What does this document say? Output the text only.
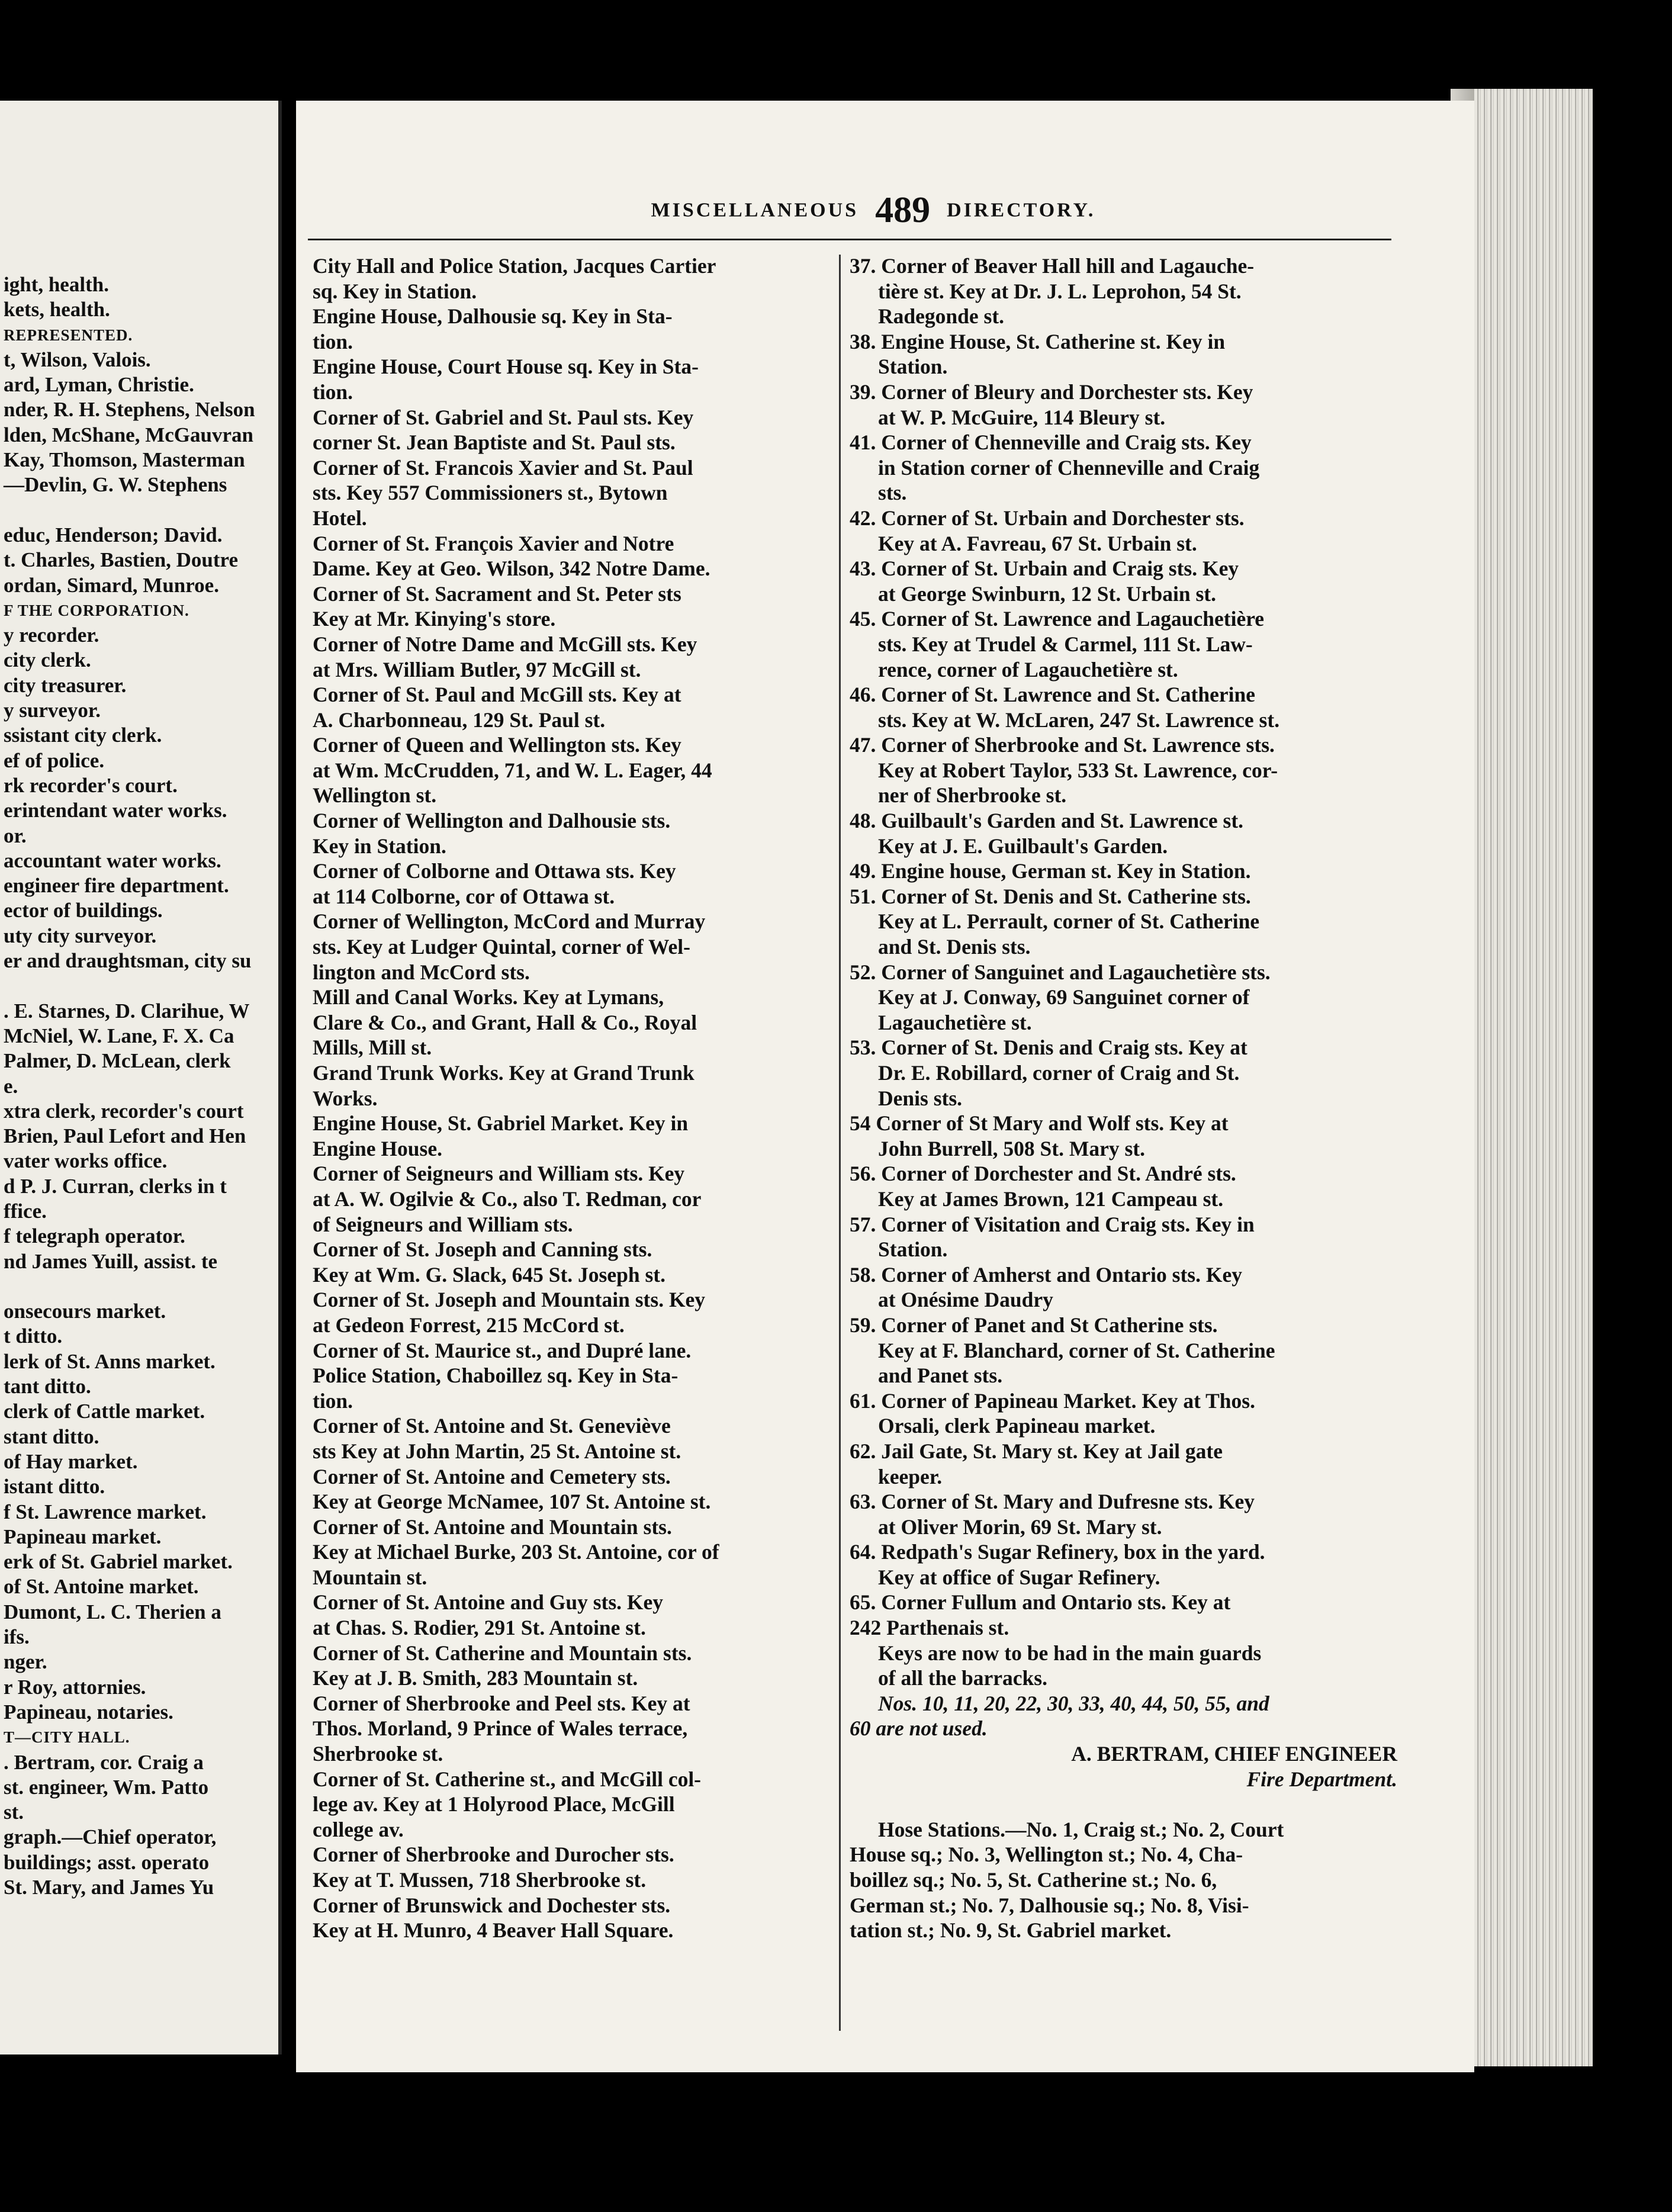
ight, health.
kets, health.
REPRESENTED.
t, Wilson, Valois.
ard, Lyman, Christie.
nder, R. H. Stephens, Nelson
lden, McShane, McGauvran
Kay, Thomson, Masterman
—Devlin, G. W. Stephens

educ, Henderson; David.
t. Charles, Bastien, Doutre
ordan, Simard, Munroe.
F THE CORPORATION.
y recorder.
city clerk.
city treasurer.
y surveyor.
ssistant city clerk.
ef of police.
rk recorder's court.
erintendant water works.
or.
accountant water works.
engineer fire department.
ector of buildings.
uty city surveyor.
er and draughtsman, city su

. E. Starnes, D. Clarihue, W
McNiel, W. Lane, F. X. Ca
Palmer, D. McLean, clerk
e.
xtra clerk, recorder's court
Brien, Paul Lefort and Hen
vater works office.
d P. J. Curran, clerks in t
ffice.
f telegraph operator.
nd James Yuill, assist. te

onsecours market.
t ditto.
lerk of St. Anns market.
tant ditto.
clerk of Cattle market.
stant ditto.
of Hay market.
istant ditto.
f St. Lawrence market.
Papineau market.
erk of St. Gabriel market.
of St. Antoine market.
Dumont, L. C. Therien a
ifs.
nger.
r Roy, attornies.
Papineau, notaries.
T—CITY HALL.
. Bertram, cor. Craig a
st. engineer, Wm. Patto
st.
graph.—Chief operator,
buildings; asst. operato
St. Mary, and James Yu
MISCELLANEOUS 489 DIRECTORY.
City Hall and Police Station, Jacques Cartier
sq. Key in Station.
Engine House, Dalhousie sq. Key in Sta-
tion.
Engine House, Court House sq. Key in Sta-
tion.
Corner of St. Gabriel and St. Paul sts. Key
corner St. Jean Baptiste and St. Paul sts.
Corner of St. Francois Xavier and St. Paul
sts. Key 557 Commissioners st., Bytown
Hotel.
Corner of St. François Xavier and Notre
Dame. Key at Geo. Wilson, 342 Notre Dame.
Corner of St. Sacrament and St. Peter sts
Key at Mr. Kinying's store.
Corner of Notre Dame and McGill sts. Key
at Mrs. William Butler, 97 McGill st.
Corner of St. Paul and McGill sts. Key at
A. Charbonneau, 129 St. Paul st.
Corner of Queen and Wellington sts. Key
at Wm. McCrudden, 71, and W. L. Eager, 44
Wellington st.
Corner of Wellington and Dalhousie sts.
Key in Station.
Corner of Colborne and Ottawa sts. Key
at 114 Colborne, cor of Ottawa st.
Corner of Wellington, McCord and Murray
sts. Key at Ludger Quintal, corner of Wel-
lington and McCord sts.
Mill and Canal Works. Key at Lymans,
Clare & Co., and Grant, Hall & Co., Royal
Mills, Mill st.
Grand Trunk Works. Key at Grand Trunk
Works.
Engine House, St. Gabriel Market. Key in
Engine House.
Corner of Seigneurs and William sts. Key
at A. W. Ogilvie & Co., also T. Redman, cor
of Seigneurs and William sts.
Corner of St. Joseph and Canning sts.
Key at Wm. G. Slack, 645 St. Joseph st.
Corner of St. Joseph and Mountain sts. Key
at Gedeon Forrest, 215 McCord st.
Corner of St. Maurice st., and Dupré lane.
Police Station, Chaboillez sq. Key in Sta-
tion.
Corner of St. Antoine and St. Geneviève
sts Key at John Martin, 25 St. Antoine st.
Corner of St. Antoine and Cemetery sts.
Key at George McNamee, 107 St. Antoine st.
Corner of St. Antoine and Mountain sts.
Key at Michael Burke, 203 St. Antoine, cor of
Mountain st.
Corner of St. Antoine and Guy sts. Key
at Chas. S. Rodier, 291 St. Antoine st.
Corner of St. Catherine and Mountain sts.
Key at J. B. Smith, 283 Mountain st.
Corner of Sherbrooke and Peel sts. Key at
Thos. Morland, 9 Prince of Wales terrace,
Sherbrooke st.
Corner of St. Catherine st., and McGill col-
lege av. Key at 1 Holyrood Place, McGill
college av.
Corner of Sherbrooke and Durocher sts.
Key at T. Mussen, 718 Sherbrooke st.
Corner of Brunswick and Dochester sts.
Key at H. Munro, 4 Beaver Hall Square.
37. Corner of Beaver Hall hill and Lagauche-
tière st. Key at Dr. J. L. Leprohon, 54 St.
Radegonde st.
38. Engine House, St. Catherine st. Key in
Station.
39. Corner of Bleury and Dorchester sts. Key
at W. P. McGuire, 114 Bleury st.
41. Corner of Chenneville and Craig sts. Key
in Station corner of Chenneville and Craig
sts.
42. Corner of St. Urbain and Dorchester sts.
Key at A. Favreau, 67 St. Urbain st.
43. Corner of St. Urbain and Craig sts. Key
at George Swinburn, 12 St. Urbain st.
45. Corner of St. Lawrence and Lagauchetière
sts. Key at Trudel & Carmel, 111 St. Law-
rence, corner of Lagauchetière st.
46. Corner of St. Lawrence and St. Catherine
sts. Key at W. McLaren, 247 St. Lawrence st.
47. Corner of Sherbrooke and St. Lawrence sts.
Key at Robert Taylor, 533 St. Lawrence, cor-
ner of Sherbrooke st.
48. Guilbault's Garden and St. Lawrence st.
Key at J. E. Guilbault's Garden.
49. Engine house, German st. Key in Station.
51. Corner of St. Denis and St. Catherine sts.
Key at L. Perrault, corner of St. Catherine
and St. Denis sts.
52. Corner of Sanguinet and Lagauchetière sts.
Key at J. Conway, 69 Sanguinet corner of
Lagauchetière st.
53. Corner of St. Denis and Craig sts. Key at
Dr. E. Robillard, corner of Craig and St.
Denis sts.
54 Corner of St Mary and Wolf sts. Key at
John Burrell, 508 St. Mary st.
56. Corner of Dorchester and St. André sts.
Key at James Brown, 121 Campeau st.
57. Corner of Visitation and Craig sts. Key in
Station.
58. Corner of Amherst and Ontario sts. Key
at Onésime Daudry
59. Corner of Panet and St Catherine sts.
Key at F. Blanchard, corner of St. Catherine
and Panet sts.
61. Corner of Papineau Market. Key at Thos.
Orsali, clerk Papineau market.
62. Jail Gate, St. Mary st. Key at Jail gate
keeper.
63. Corner of St. Mary and Dufresne sts. Key
at Oliver Morin, 69 St. Mary st.
64. Redpath's Sugar Refinery, box in the yard.
Key at office of Sugar Refinery.
65. Corner Fullum and Ontario sts. Key at
242 Parthenais st.
Keys are now to be had in the main guards
of all the barracks.
Nos. 10, 11, 20, 22, 30, 33, 40, 44, 50, 55, and
60 are not used.
A. BERTRAM, CHIEF ENGINEER
Fire Department.

Hose Stations.—No. 1, Craig st.; No. 2, Court
House sq.; No. 3, Wellington st.; No. 4, Cha-
boillez sq.; No. 5, St. Catherine st.; No. 6,
German st.; No. 7, Dalhousie sq.; No. 8, Visi-
tation st.; No. 9, St. Gabriel market.
